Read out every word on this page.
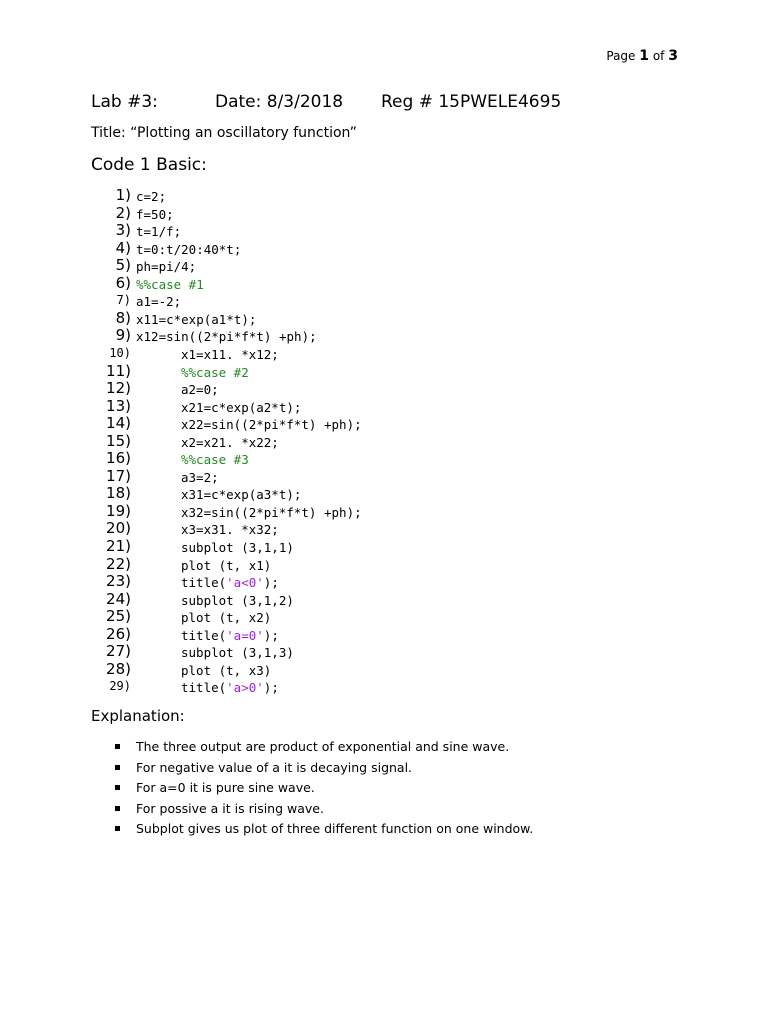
Page 1 of 3
Lab #3:	Date: 8/3/2018 Reg # 15PWELE4695
Title: “Plotting an oscillatory function”
Code 1 Basic:
1) c=2;
2) f=50;
3) t=1/f;
4) t=0:t/20:40*t;
5) ph=pi/4;
6) %%case #1
7) a1=-2;
8) x11=c*exp(a1*t);
9) x12=sin((2*pi*f*t) +ph);
10)	x1=x11. *x12;
11)	%%case #2
12)	a2=0;
13)	x21=c*exp(a2*t);
14)	x22=sin((2*pi*f*t) +ph);
15)	x2=x21. *x22;
16)	%%case #3
17)	a3=2;
18)	x31=c*exp(a3*t);
19)	x32=sin((2*pi*f*t) +ph);
20)	x3=x31. *x32;
21)	subplot (3,1,1)
22)	plot (t, x1)
23)	title('a<0');
24)	subplot (3,1,2)
25)	plot (t, x2)
26)	title('a=0');
27)	subplot (3,1,3)
28)	plot (t, x3)
29)	title('a>0');
Explanation:
The three output are product of exponential and sine wave.
For negative value of a it is decaying signal.
For a=0 it is pure sine wave.
For possive a it is rising wave.
Subplot gives us plot of three different function on one window.
